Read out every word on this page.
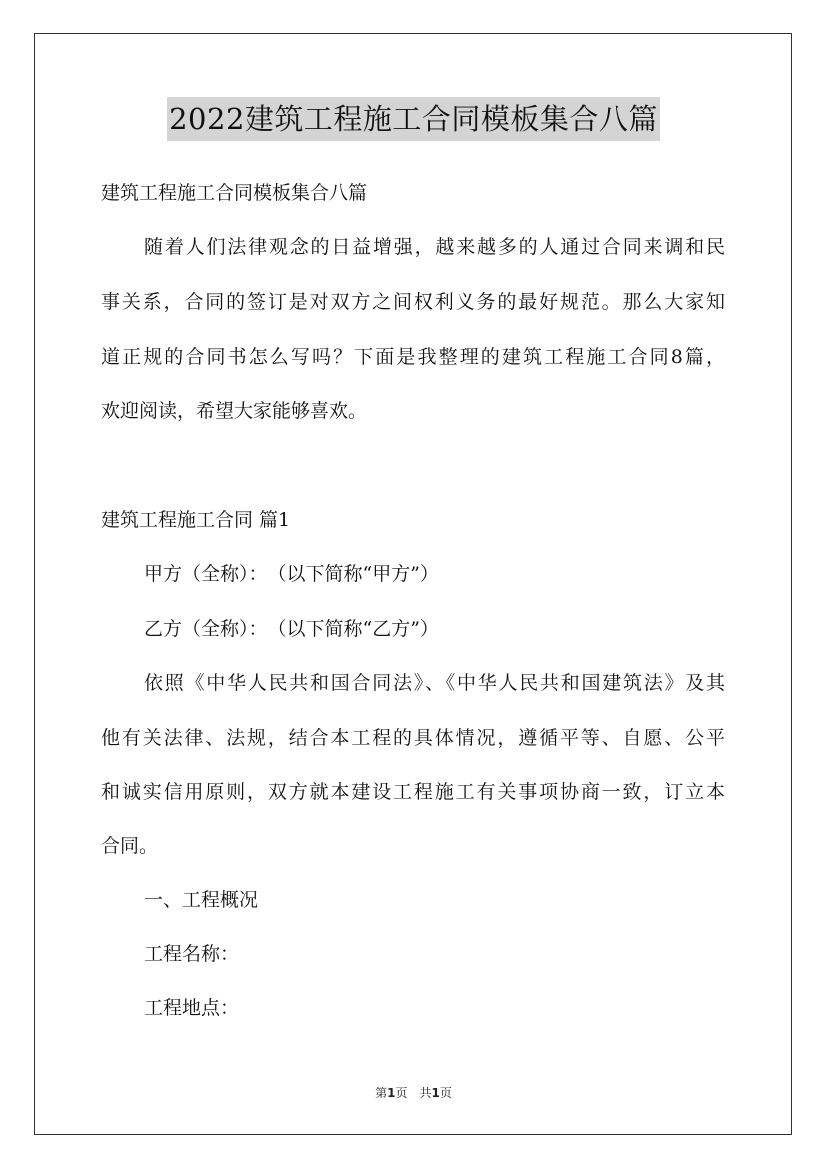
2022建筑工程施工合同模板集合八篇
建筑工程施工合同模板集合八篇
随着人们法律观念的日益增强，越来越多的人通过合同来调和民
事关系，合同的签订是对双方之间权利义务的最好规范。那么大家知
道正规的合同书怎么写吗？下面是我整理的建筑工程施工合同8篇，
欢迎阅读，希望大家能够喜欢。
建筑工程施工合同 篇1
甲方（全称）：　（以下简称“甲方”）
乙方（全称）：　（以下简称“乙方”）
依照《中华人民共和国合同法》、《中华人民共和国建筑法》及其
他有关法律、法规，结合本工程的具体情况，遵循平等、自愿、公平
和诚实信用原则，双方就本建设工程施工有关事项协商一致，订立本
合同。
一、工程概况
工程名称：
工程地点：
第1页　共1页
